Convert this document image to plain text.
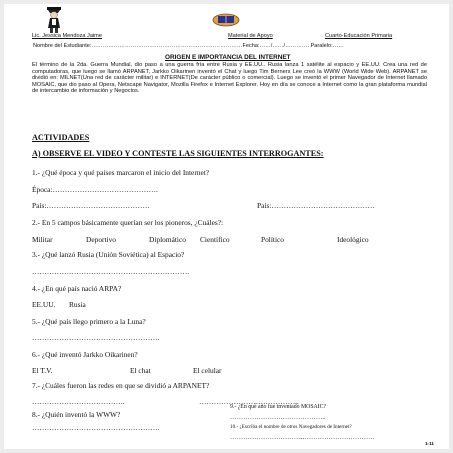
Lic. Jessica Mendoza Jaime	Material de Apoyo	Cuarto-Educación Primaria
Nombre del Estudiante:………………………………………………………………………Fecha:……/……/…………. Paralelo:……
ORIGEN E IMPORTANCIA DEL INTERNET
El término de la 2da. Guerra Mundial, dio paso a una guerra fría entre Rusia y EE.UU.. Rusia lanza 1 satélite al espacio y EE.UU. Crea una red de computadoras, que luego se llamó ARPANET, Jarkko Oikarinen inventó el Chat y luego Tim Berners Lee creó la WWW (World Wide Web). ARPANET se dividió en: MILNET(Una red de carácter militar) e INTERNET(De carácter público o comercial). Luego se inventó el primer Navegador de Internet llamado MOSAIC, que dio paso al Opera, Netscape Navigator, Mozilla Firefox e Internet Explorer. Hoy en día se conoce a Internet como la gran plataforma mundial de intercambio de información y Negocios.
ACTIVIDADES
A) OBSERVE EL VIDEO Y CONTESTE LAS SIGUIENTES INTERROGANTES:
1.- ¿Qué época y qué países marcaron el inicio del Internet?
Época:…………………………………….
País:……………………………………	País:……………………………………
2.- En 5 campos básicamente querían ser los pioneros, ¿Cuáles?:
Militar	Deportivo	Diplomático Científico	Político	Ideológico
3.- ¿Qué lanzó Rusia (Unión Soviética) al Espacio?
……………………………………………………….
4.- ¿En qué país nació ARPA?
EE.UU. Rusia
5.- ¿Qué país llego primero a la Luna?
…………………………………………….
6.- ¿Qué inventó Jarkko Oikarinen?
El T.V.	El chat	El celular
7.- ¿Cuáles fueron las redes en que se dividió a ARPANET?
………………………………..	…………………………………..
8.- ¿Quién inventó la WWW?
…………………………………………….
9.- ¿En qué año fue inventado MOSAIC?
……………………………………..
10.- ¿Escriba el nombre de otros Navegadores de Internet?
…………………………….
…………………………….
1-11
